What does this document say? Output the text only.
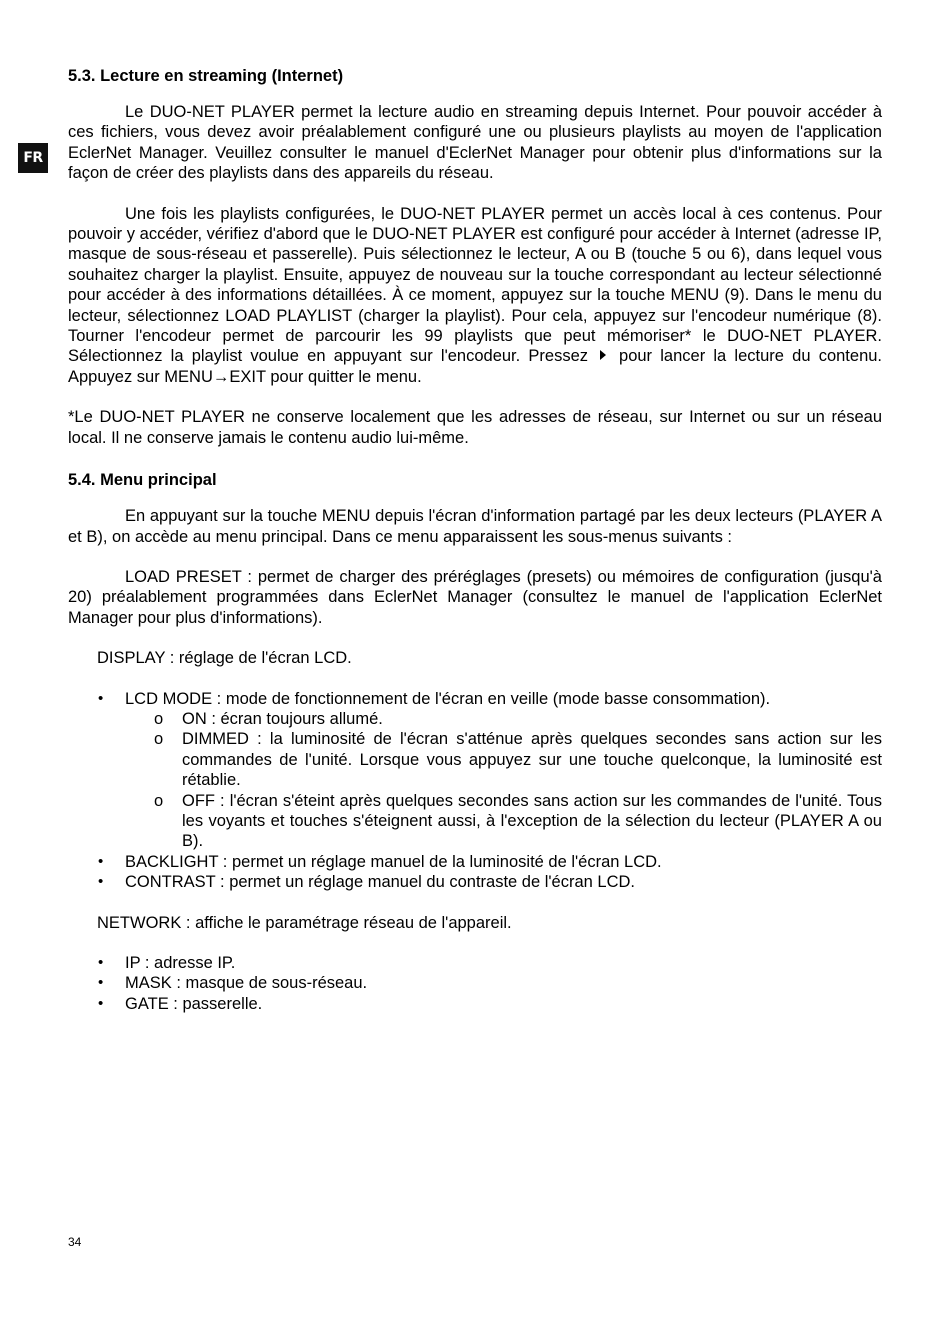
FR
5.3. Lecture en streaming (Internet)

Le DUO-NET PLAYER permet la lecture audio en streaming depuis Internet. Pour pouvoir accéder à ces fichiers, vous devez avoir préalablement configuré une ou plusieurs playlists au moyen de l'application EclerNet Manager. Veuillez consulter le manuel d'EclerNet Manager pour obtenir plus d'informations sur la façon de créer des playlists dans des appareils du réseau.

Une fois les playlists configurées, le DUO-NET PLAYER permet un accès local à ces contenus. Pour pouvoir y accéder, vérifiez d'abord que le DUO-NET PLAYER est configuré pour accéder à Internet (adresse IP, masque de sous-réseau et passerelle). Puis sélectionnez le lecteur, A ou B (touche 5 ou 6), dans lequel vous souhaitez charger la playlist. Ensuite, appuyez de nouveau sur la touche correspondant au lecteur sélectionné pour accéder à des informations détaillées. À ce moment, appuyez sur la touche MENU (9). Dans le menu du lecteur, sélectionnez LOAD PLAYLIST (charger la playlist). Pour cela, appuyez sur l'encodeur numérique (8). Tourner l'encodeur permet de parcourir les 99 playlists que peut mémoriser* le DUO-NET PLAYER. Sélectionnez la playlist voulue en appuyant sur l'encodeur. Pressez pour lancer la lecture du contenu. Appuyez sur MENU→EXIT pour quitter le menu.

*Le DUO-NET PLAYER ne conserve localement que les adresses de réseau, sur Internet ou sur un réseau local. Il ne conserve jamais le contenu audio lui-même.

5.4. Menu principal

En appuyant sur la touche MENU depuis l'écran d'information partagé par les deux lecteurs (PLAYER A et B), on accède au menu principal. Dans ce menu apparaissent les sous-menus suivants :

LOAD PRESET : permet de charger des préréglages (presets) ou mémoires de configuration (jusqu'à 20) préalablement programmées dans EclerNet Manager (consultez le manuel de l'application EclerNet Manager pour plus d'informations).

DISPLAY : réglage de l'écran LCD.

• LCD MODE : mode de fonctionnement de l'écran en veille (mode basse consommation).
o ON : écran toujours allumé.
o DIMMED : la luminosité de l'écran s'atténue après quelques secondes sans action sur les commandes de l'unité. Lorsque vous appuyez sur une touche quelconque, la luminosité est rétablie.
o OFF : l'écran s'éteint après quelques secondes sans action sur les commandes de l'unité. Tous les voyants et touches s'éteignent aussi, à l'exception de la sélection du lecteur (PLAYER A ou B).
• BACKLIGHT : permet un réglage manuel de la luminosité de l'écran LCD.
• CONTRAST : permet un réglage manuel du contraste de l'écran LCD.

NETWORK : affiche le paramétrage réseau de l'appareil.

• IP : adresse IP.
• MASK : masque de sous-réseau.
• GATE : passerelle.
34
